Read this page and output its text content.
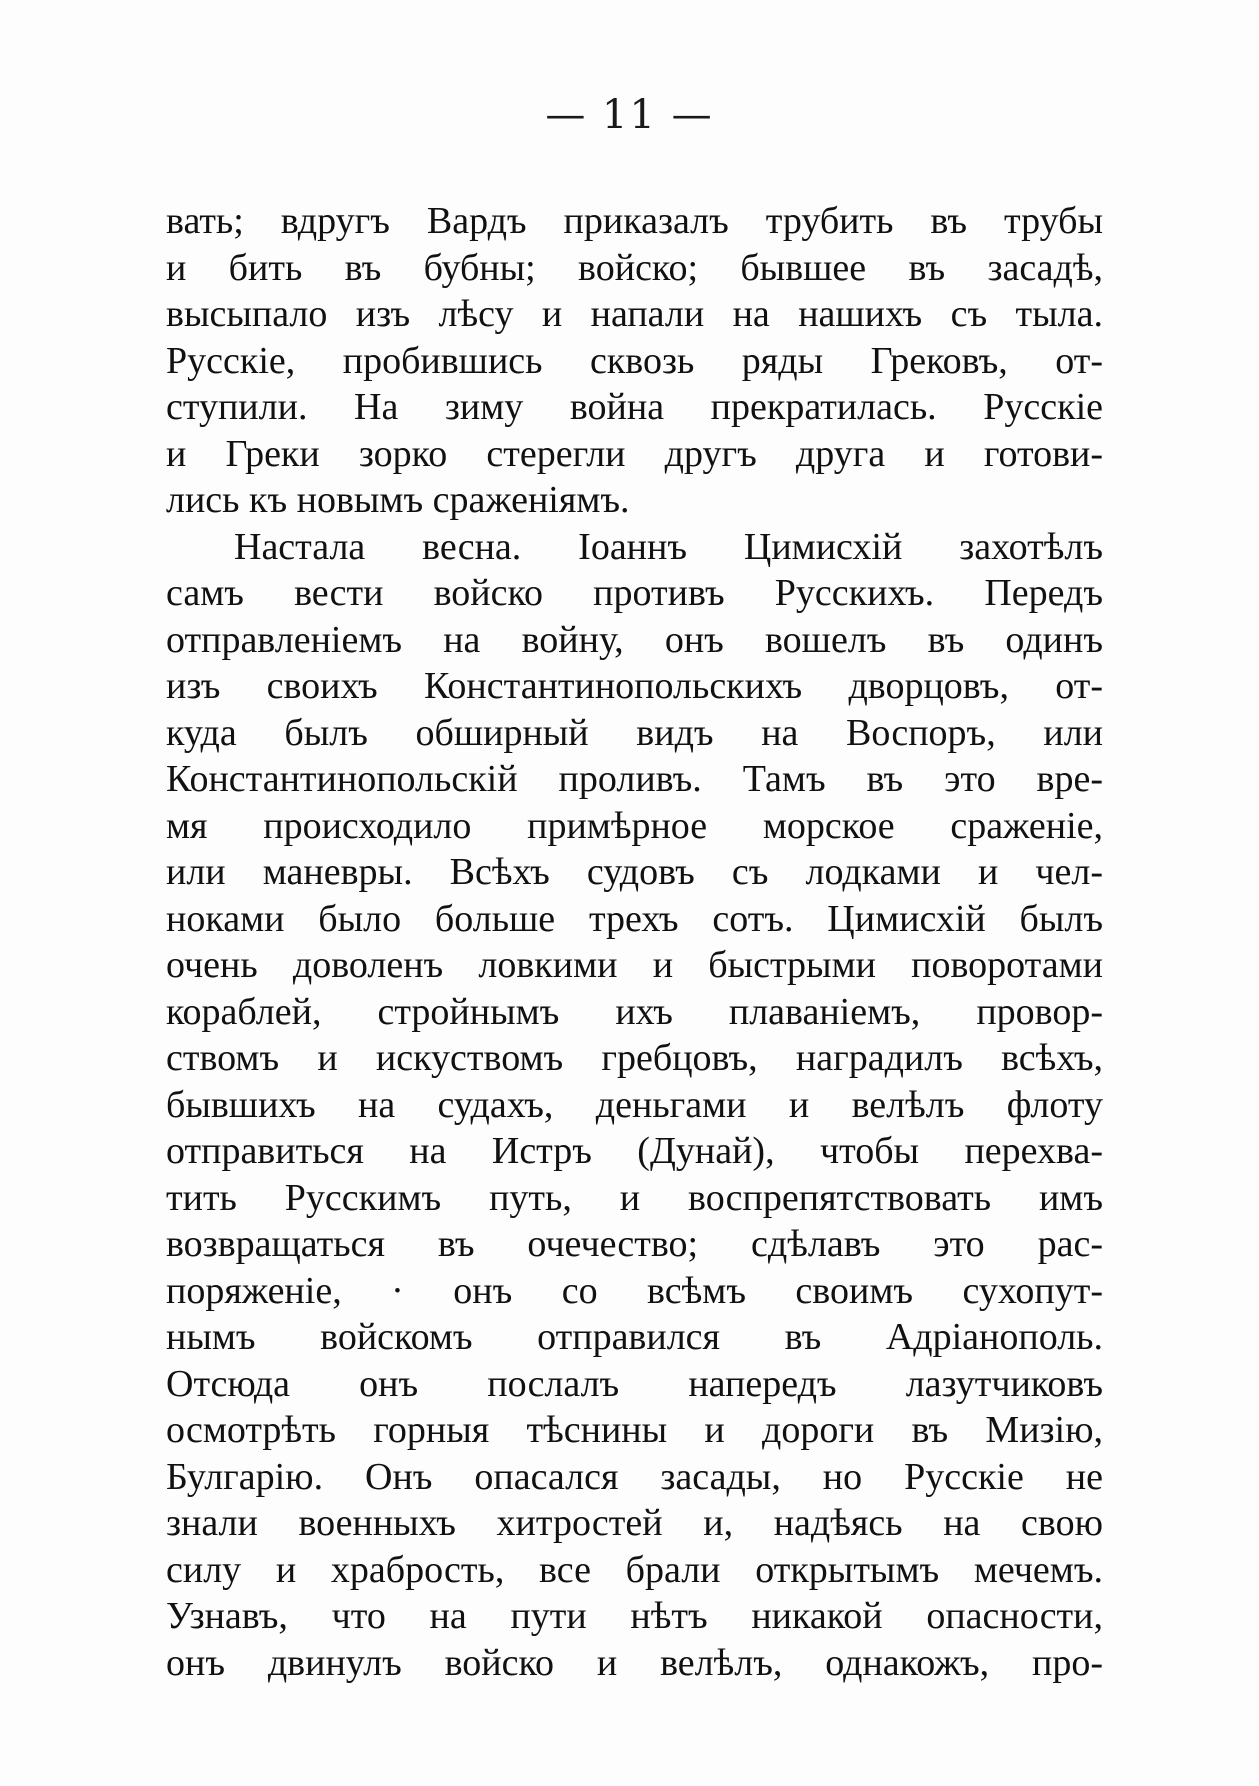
— 11 —
вать; вдругъ Вардъ приказалъ трубить въ трубы
и бить въ бубны; войско; бывшее въ засадѣ,
высыпало изъ лѣсу и напали на нашихъ съ тыла.
Русскіе, пробившись сквозь ряды Грековъ, от-
ступили. На зиму война прекратилась. Русскіе
и Греки зорко стерегли другъ друга и готови-
лись къ новымъ сраженіямъ.
Настала весна. Іоаннъ Цимисхій захотѣлъ
самъ вести войско противъ Русскихъ. Передъ
отправленіемъ на войну, онъ вошелъ въ одинъ
изъ своихъ Константинопольскихъ дворцовъ, от-
куда былъ обширный видъ на Воспоръ, или
Константинопольскій проливъ. Тамъ въ это вре-
мя происходило примѣрное морское сраженіе,
или маневры. Всѣхъ судовъ съ лодками и чел-
ноками было больше трехъ сотъ. Цимисхій былъ
очень доволенъ ловкими и быстрыми поворотами
кораблей, стройнымъ ихъ плаваніемъ, провор-
ствомъ и искуствомъ гребцовъ, наградилъ всѣхъ,
бывшихъ на судахъ, деньгами и велѣлъ флоту
отправиться на Истръ (Дунай), чтобы перехва-
тить Русскимъ путь, и воспрепятствовать имъ
возвращаться въ очечество; сдѣлавъ это рас-
поряженіе, · онъ со всѣмъ своимъ сухопут-
нымъ войскомъ отправился въ Адріанополь.
Отсюда онъ послалъ напередъ лазутчиковъ
осмотрѣть горныя тѣснины и дороги въ Мизію,
Булгарію. Онъ опасался засады, но Русскіе не
знали военныхъ хитростей и, надѣясь на свою
силу и храбрость, все брали открытымъ мечемъ.
Узнавъ, что на пути нѣтъ никакой опасности,
онъ двинулъ войско и велѣлъ, однакожъ, про-
